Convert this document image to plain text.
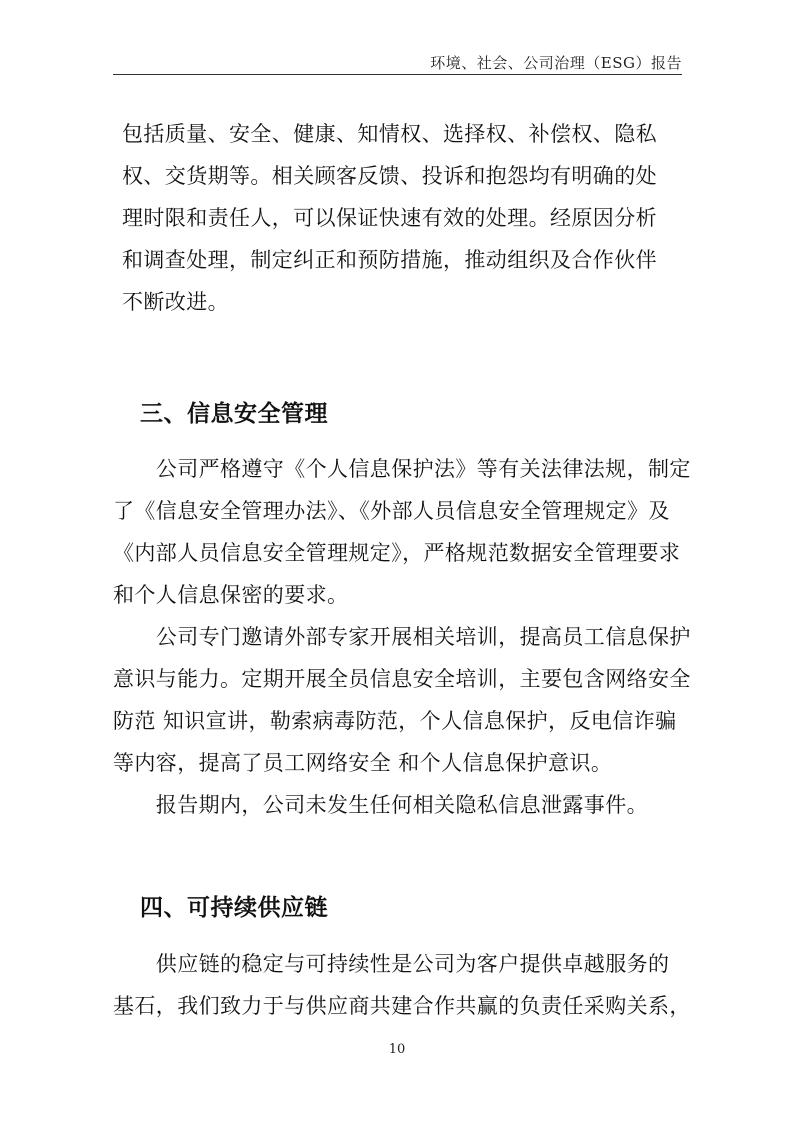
环境、社会、公司治理（ESG）报告
包括质量、安全、健康、知情权、选择权、补偿权、隐私
权、交货期等。相关顾客反馈、投诉和抱怨均有明确的处
理时限和责任人，可以保证快速有效的处理。经原因分析
和调查处理，制定纠正和预防措施，推动组织及合作伙伴
不断改进。
三、信息安全管理
　　公司严格遵守《个人信息保护法》等有关法律法规，制定
了《信息安全管理办法》、《外部人员信息安全管理规定》及
《内部人员信息安全管理规定》，严格规范数据安全管理要求
和个人信息保密的要求。
　　公司专门邀请外部专家开展相关培训，提高员工信息保护
意识与能力。定期开展全员信息安全培训，主要包含网络安全
防范 知识宣讲，勒索病毒防范，个人信息保护，反电信诈骗
等内容，提高了员工网络安全 和个人信息保护意识。
　　报告期内，公司未发生任何相关隐私信息泄露事件。
四、可持续供应链
　　供应链的稳定与可持续性是公司为客户提供卓越服务的
基石，我们致力于与供应商共建合作共赢的负责任采购关系，
10
